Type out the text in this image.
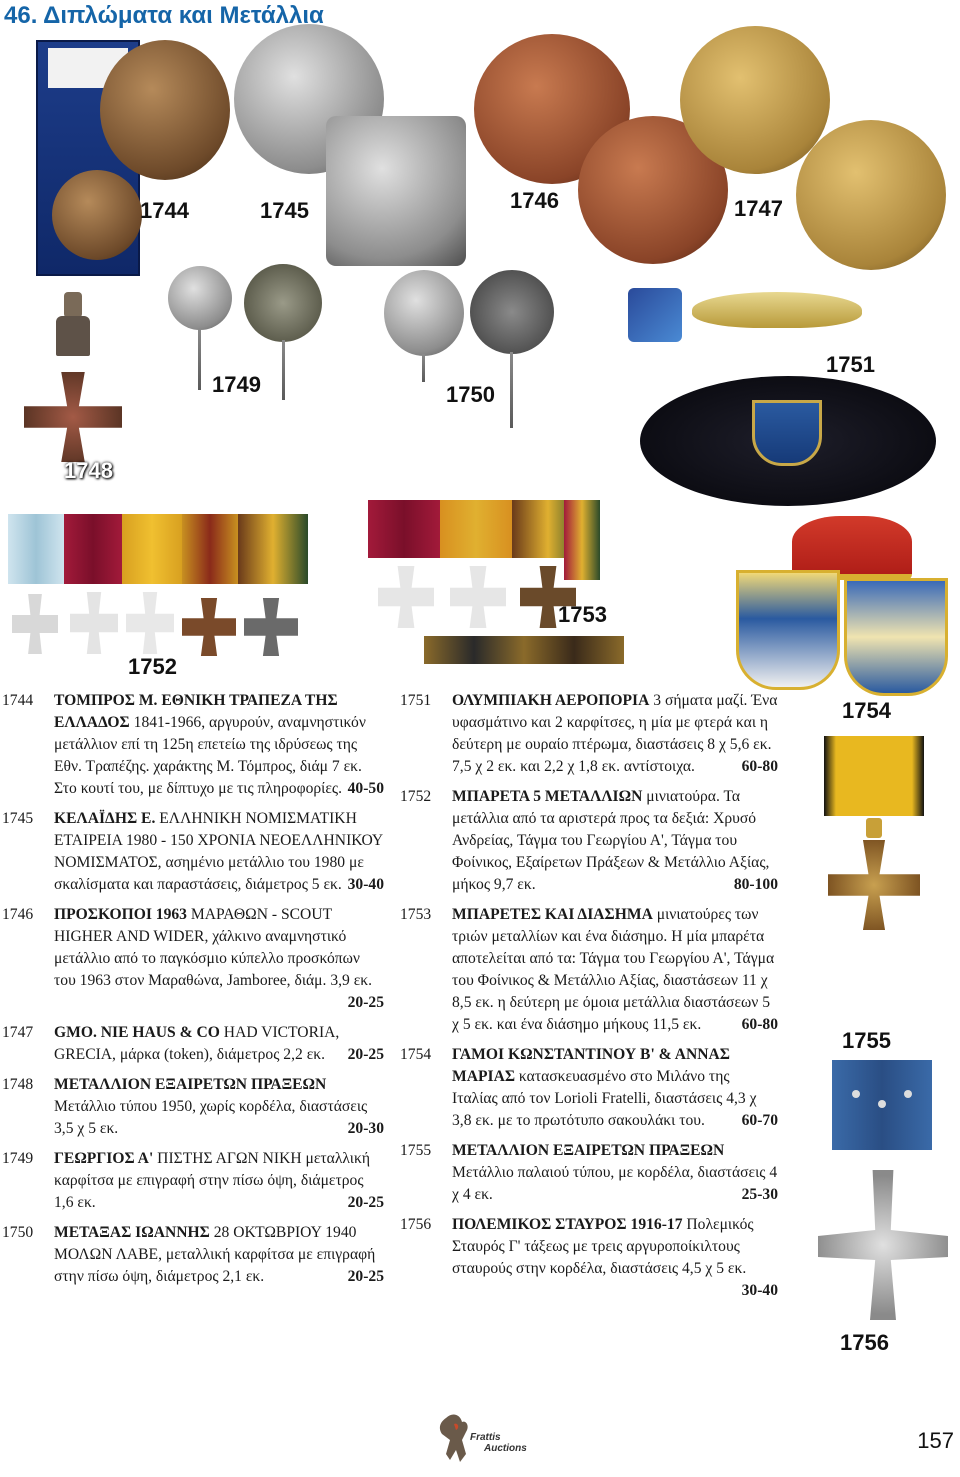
46. Διπλώματα και Μετάλλια
1744	1745	1746	1747
1748
1749	1750
1751
1752
1753
1754
1755
1756
1744	ΤΟΜΠΡΟΣ Μ. ΕΘΝΙΚΗ ΤΡΑΠΕΖΑ ΤΗΣ ΕΛΛΑΔΟΣ 1841-1966, αργυρούν, αναμνηστικόν μετάλλιον επί τη 125η επετείω της ιδρύσεως της Εθν. Τραπέζης. χαράκτης Μ. Τόμπρος, διάμ 7 εκ. Στο κουτί του, με δίπτυχο με τις πληροφορίες. 40-50
1745	ΚΕΛΑΪΔΗΣ Ε. ΕΛΛΗΝΙΚΗ ΝΟΜΙΣΜΑΤΙΚΗ ΕΤΑΙΡΕΙΑ 1980 - 150 ΧΡΟΝΙΑ ΝΕΟΕΛΛΗΝΙΚΟΥ ΝΟΜΙΣΜΑΤΟΣ, ασημένιο μετάλλιο του 1980 με σκαλίσματα και παραστάσεις, διάμετρος 5 εκ. 30-40
1746	ΠΡΟΣΚΟΠΟΙ 1963 ΜΑΡΑΘΩΝ - SCOUT HIGHER AND WIDER, χάλκινο αναμνηστικό μετάλλιο από το παγκόσμιο κύπελλο προσκόπων του 1963 στον Μαραθώνα, Jamboree, διάμ. 3,9 εκ.
20-25
1747	GMO. NIE HAUS & CO HAD VICTORIA, GRECIA, μάρκα (token), διάμετρος 2,2 εκ. 20-25
1748	ΜΕΤΑΛΛΙΟΝ ΕΞΑΙΡΕΤΩΝ ΠΡΑΞΕΩΝ Μετάλλιο τύπου 1950, χωρίς κορδέλα, διαστάσεις 3,5 χ 5 εκ.	20-30
1749	ΓΕΩΡΓΙΟΣ Α' ΠΙΣΤΗΣ ΑΓΩΝ ΝΙΚΗ μεταλλική καρφίτσα με επιγραφή στην πίσω όψη, διάμετρος 1,6 εκ.	20-25
1750	ΜΕΤΑΞΑΣ ΙΩΑΝΝΗΣ 28 ΟΚΤΩΒΡΙΟΥ 1940 ΜΟΛΩΝ ΛΑΒΕ, μεταλλική καρφίτσα με επιγραφή στην πίσω όψη, διάμετρος 2,1 εκ.	20-25
1751	ΟΛΥΜΠΙΑΚΗ ΑΕΡΟΠΟΡΙΑ 3 σήματα μαζί. Ένα υφασμάτινο και 2 καρφίτσες, η μία με φτερά και η δεύτερη με ουραίο πτέρωμα, διαστάσεις 8 χ 5,6 εκ. 7,5 χ 2 εκ. και 2,2 χ 1,8 εκ. αντίστοιχα.	60-80
1752	ΜΠΑΡΕΤΑ 5 ΜΕΤΑΛΛΙΩΝ μινιατούρα. Τα μετάλλια από τα αριστερά προς τα δεξιά: Χρυσό Ανδρείας, Τάγμα του Γεωργίου Α', Τάγμα του Φοίνικος, Εξαίρετων Πράξεων & Μετάλλιο Αξίας, μήκος 9,7 εκ.	80-100
1753	ΜΠΑΡΕΤΕΣ ΚΑΙ ΔΙΑΣΗΜΑ μινιατούρες των τριών μεταλλίων και ένα διάσημο. Η μία μπαρέτα αποτελείται από τα: Τάγμα του Γεωργίου Α', Τάγμα του Φοίνικος & Μετάλλιο Αξίας, διαστάσεων 11 χ 8,5 εκ. η δεύτερη με όμοια μετάλλια διαστάσεων 5 χ 5 εκ. και ένα διάσημο μήκους 11,5 εκ.	60-80
1754	ΓΑΜΟΙ ΚΩΝΣΤΑΝΤΙΝΟΥ Β' & ΑΝΝΑΣ ΜΑΡΙΑΣ κατασκευασμένο στο Μιλάνο της Ιταλίας από τον Lorioli Fratelli, διαστάσεις 4,3 χ 3,8 εκ. με το πρωτότυπο σακουλάκι του. 60-70
1755	ΜΕΤΑΛΛΙΟΝ ΕΞΑΙΡΕΤΩΝ ΠΡΑΞΕΩΝ Μετάλλιο παλαιού τύπου, με κορδέλα, διαστάσεις 4 χ 4 εκ.	25-30
1756	ΠΟΛΕΜΙΚΟΣ ΣΤΑΥΡΟΣ 1916-17 Πολεμικός Σταυρός Γ' τάξεως με τρεις αργυροποίκιλτους σταυρούς στην κορδέλα, διαστάσεις 4,5 χ 5 εκ.
30-40
Frattis
Auctions	157
